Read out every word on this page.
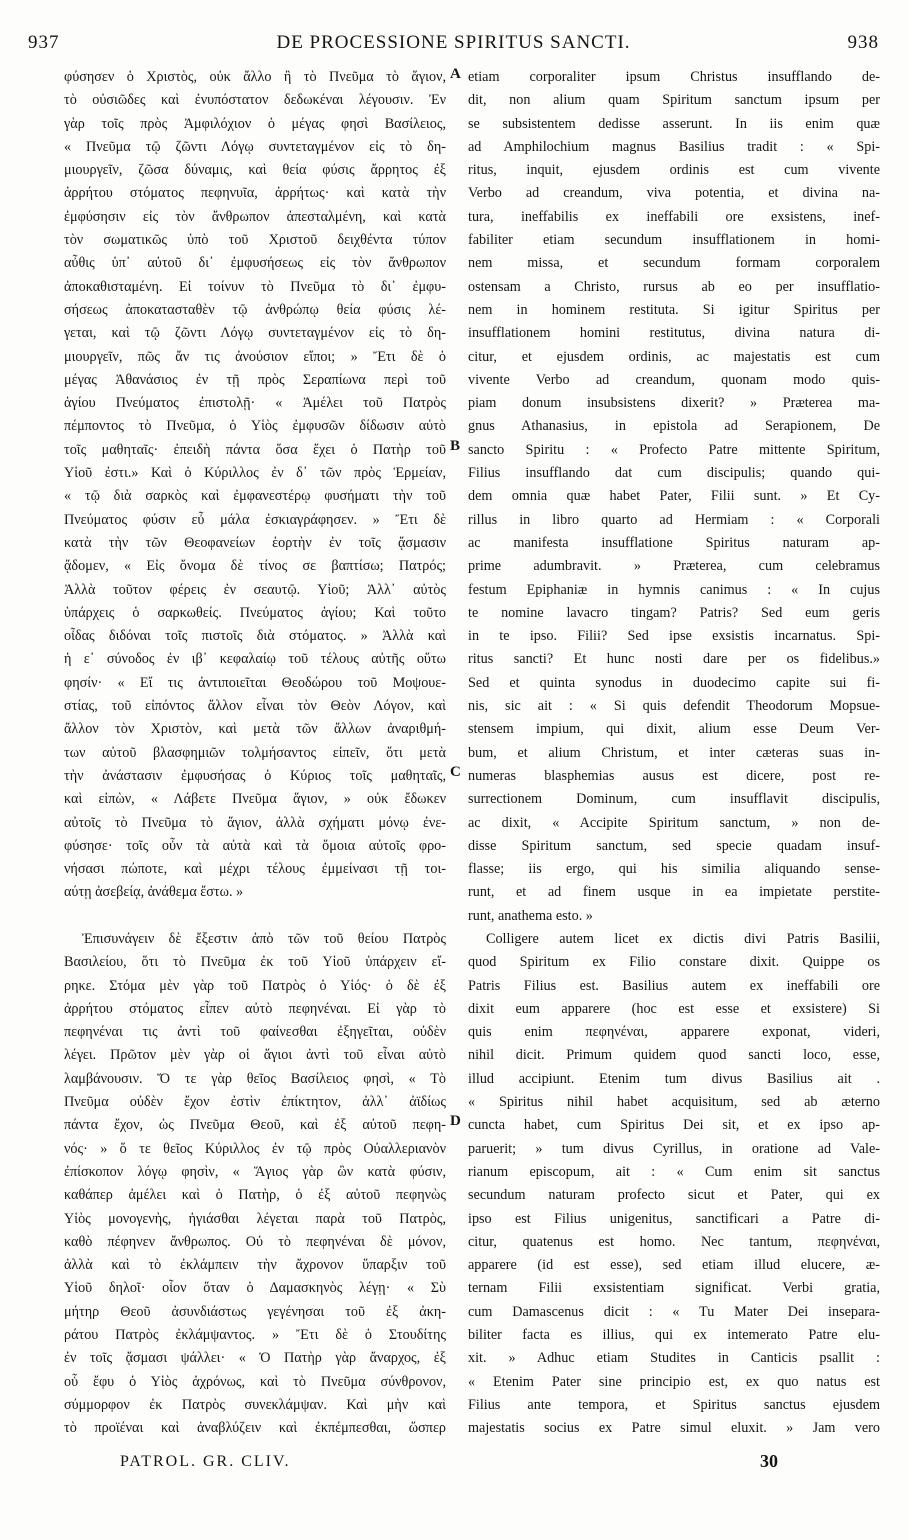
937	DE PROCESSIONE SPIRITUS SANCTI.	938
φύσησεν ὁ Χριστὸς, οὐκ ἄλλο ἢ τὸ Πνεῦμα τὸ ἅγιον,
τὸ οὐσιῶδες καὶ ἐνυπόστατον δεδωκέναι λέγουσιν. Ἐν
γὰρ τοῖς πρὸς Ἀμφιλόχιον ὁ μέγας φησὶ Βασίλειος,
« Πνεῦμα τῷ ζῶντι Λόγῳ συντεταγμένον εἰς τὸ δη-
μιουργεῖν, ζῶσα δύναμις, καὶ θεία φύσις ἄρρητος ἐξ
ἀρρήτου στόματος πεφηνυῖα, ἀρρήτως· καὶ κατὰ τὴν
ἐμφύσησιν εἰς τὸν ἄνθρωπον ἀπεσταλμένη, καὶ κατὰ
τὸν σωματικῶς ὑπὸ τοῦ Χριστοῦ δειχθέντα τύπον
αὖθις ὑπ᾽ αὐτοῦ δι᾽ ἐμφυσήσεως εἰς τὸν ἄνθρωπον
ἀποκαθισταμένη. Εἰ τοίνυν τὸ Πνεῦμα τὸ δι᾽ ἐμφυ-
σήσεως ἀποκατασταθὲν τῷ ἀνθρώπῳ θεία φύσις λέ-
γεται, καὶ τῷ ζῶντι Λόγῳ συντεταγμένον εἰς τὸ δη-
μιουργεῖν, πῶς ἄν τις ἀνούσιον εἴποι; » Ἔτι δὲ ὁ
μέγας Ἀθανάσιος ἐν τῇ πρὸς Σεραπίωνα περὶ τοῦ
ἁγίου Πνεύματος ἐπιστολῇ· « Ἀμέλει τοῦ Πατρὸς
πέμποντος τὸ Πνεῦμα, ὁ Υἱὸς ἐμφυσῶν δίδωσιν αὐτὸ
τοῖς μαθηταῖς· ἐπειδὴ πάντα ὅσα ἔχει ὁ Πατὴρ τοῦ
Υἱοῦ ἐστι.» Καὶ ὁ Κύριλλος ἐν δ᾽ τῶν πρὸς Ἑρμείαν,
« τῷ διὰ σαρκὸς καὶ ἐμφανεστέρῳ φυσήματι τὴν τοῦ
Πνεύματος φύσιν εὖ μάλα ἐσκιαγράφησεν. » Ἔτι δὲ
κατὰ τὴν τῶν Θεοφανείων ἑορτὴν ἐν τοῖς ᾄσμασιν
ᾄδομεν, « Εἰς ὄνομα δὲ τίνος σε βαπτίσω; Πατρός;
Ἀλλὰ τοῦτον φέρεις ἐν σεαυτῷ. Υἱοῦ; Ἀλλ᾽ αὐτὸς
ὑπάρχεις ὁ σαρκωθείς. Πνεύματος ἁγίου; Καὶ τοῦτο
οἶδας διδόναι τοῖς πιστοῖς διὰ στόματος. » Ἀλλὰ καὶ
ἡ ε᾽ σύνοδος ἐν ιβ᾽ κεφαλαίῳ τοῦ τέλους αὐτῆς οὕτω
φησίν· « Εἴ τις ἀντιποιεῖται Θεοδώρου τοῦ Μοψουε-
στίας, τοῦ εἰπόντος ἄλλον εἶναι τὸν Θεὸν Λόγον, καὶ
ἄλλον τὸν Χριστὸν, καὶ μετὰ τῶν ἄλλων ἀναριθμή-
των αὐτοῦ βλασφημιῶν τολμήσαντος εἰπεῖν, ὅτι μετὰ
τὴν ἀνάστασιν ἐμφυσήσας ὁ Κύριος τοῖς μαθηταῖς,
καὶ εἰπὼν, « Λάβετε Πνεῦμα ἅγιον, » οὐκ ἔδωκεν
αὐτοῖς τὸ Πνεῦμα τὸ ἅγιον, ἀλλὰ σχήματι μόνῳ ἐνε-
φύσησε· τοῖς οὖν τὰ αὐτὰ καὶ τὰ ὅμοια αὐτοῖς φρο-
νήσασι πώποτε, καὶ μέχρι τέλους ἐμμείνασι τῇ τοι-
αύτῃ ἀσεβείᾳ, ἀνάθεμα ἔστω. »
Ἐπισυνάγειν δὲ ἔξεστιν ἀπὸ τῶν τοῦ θείου Πατρὸς
Βασιλείου, ὅτι τὸ Πνεῦμα ἐκ τοῦ Υἱοῦ ὑπάρχειν εἴ-
ρηκε. Στόμα μὲν γὰρ τοῦ Πατρὸς ὁ Υἱός· ὁ δὲ ἐξ
ἀρρήτου στόματος εἶπεν αὐτὸ πεφηνέναι. Εἰ γὰρ τὸ
πεφηνέναι τις ἀντὶ τοῦ φαίνεσθαι ἐξηγεῖται, οὐδὲν
λέγει. Πρῶτον μὲν γὰρ οἱ ἅγιοι ἀντὶ τοῦ εἶναι αὐτὸ
λαμβάνουσιν. Ὅ τε γὰρ θεῖος Βασίλειος φησὶ, « Τὸ
Πνεῦμα οὐδὲν ἔχον ἐστὶν ἐπίκτητον, ἀλλ᾽ ἀϊδίως
πάντα ἔχον, ὡς Πνεῦμα Θεοῦ, καὶ ἐξ αὐτοῦ πεφη-
νός· » ὅ τε θεῖος Κύριλλος ἐν τῷ πρὸς Οὐαλλεριανὸν
ἐπίσκοπον λόγῳ φησὶν, « Ἅγιος γὰρ ὢν κατὰ φύσιν,
καθάπερ ἀμέλει καὶ ὁ Πατὴρ, ὁ ἐξ αὐτοῦ πεφηνὼς
Υἱὸς μονογενὴς, ἡγιάσθαι λέγεται παρὰ τοῦ Πατρὸς,
καθὸ πέφηνεν ἄνθρωπος. Οὐ τὸ πεφηνέναι δὲ μόνον,
ἀλλὰ καὶ τὸ ἐκλάμπειν τὴν ἄχρονον ὕπαρξιν τοῦ
Υἱοῦ δηλοῖ· οἷον ὅταν ὁ Δαμασκηνὸς λέγῃ· « Σὺ
μήτηρ Θεοῦ ἀσυνδιάστως γεγένησαι τοῦ ἐξ ἀκη-
ράτου Πατρὸς ἐκλάμψαντος. » Ἔτι δὲ ὁ Στουδίτης
ἐν τοῖς ᾄσμασι ψάλλει· « Ὁ Πατὴρ γὰρ ἄναρχος, ἐξ
οὗ ἔφυ ὁ Υἱὸς ἀχρόνως, καὶ τὸ Πνεῦμα σύνθρονον,
σύμμορφον ἐκ Πατρὸς συνεκλάμψαν. Καὶ μὴν καὶ
τὸ προϊέναι καὶ ἀναβλύζειν καὶ ἐκπέμπεσθαι, ὥσπερ
etiam corporaliter ipsum Christus insufflando de-
dit, non alium quam Spiritum sanctum ipsum per
se subsistentem dedisse asserunt. In iis enim quæ
ad Amphilochium magnus Basilius tradit : « Spi-
ritus, inquit, ejusdem ordinis est cum vivente
Verbo ad creandum, viva potentia, et divina na-
tura, ineffabilis ex ineffabili ore exsistens, inef-
fabiliter etiam secundum insufflationem in homi-
nem missa, et secundum formam corporalem
ostensam a Christo, rursus ab eo per insufflatio-
nem in hominem restituta. Si igitur Spiritus per
insufflationem homini restitutus, divina natura di-
citur, et ejusdem ordinis, ac majestatis est cum
vivente Verbo ad creandum, quonam modo quis-
piam donum insubsistens dixerit? » Præterea ma-
gnus Athanasius, in epistola ad Serapionem, De
sancto Spiritu : « Profecto Patre mittente Spiritum,
Filius insufflando dat cum discipulis; quando qui-
dem omnia quæ habet Pater, Filii sunt. » Et Cy-
rillus in libro quarto ad Hermiam : « Corporali
ac manifesta insufflatione Spiritus naturam ap-
prime adumbravit. » Præterea, cum celebramus
festum Epiphaniæ in hymnis canimus : « In cujus
te nomine lavacro tingam? Patris? Sed eum geris
in te ipso. Filii? Sed ipse exsistis incarnatus. Spi-
ritus sancti? Et hunc nosti dare per os fidelibus.»
Sed et quinta synodus in duodecimo capite sui fi-
nis, sic ait : « Si quis defendit Theodorum Mopsue-
stensem impium, qui dixit, alium esse Deum Ver-
bum, et alium Christum, et inter cæteras suas in-
numeras blasphemias ausus est dicere, post re-
surrectionem Dominum, cum insufflavit discipulis,
ac dixit, « Accipite Spiritum sanctum, » non de-
disse Spiritum sanctum, sed specie quadam insuf-
flasse; iis ergo, qui his similia aliquando sense-
runt, et ad finem usque in ea impietate perstite-
runt, anathema esto. »
Colligere autem licet ex dictis divi Patris Basilii,
quod Spiritum ex Filio constare dixit. Quippe os
Patris Filius est. Basilius autem ex ineffabili ore
dixit eum apparere (hoc est esse et exsistere) Si
quis enim πεφηνέναι, apparere exponat, videri,
nihil dicit. Primum quidem quod sancti loco, esse,
illud accipiunt. Etenim tum divus Basilius ait .
« Spiritus nihil habet acquisitum, sed ab æterno
cuncta habet, cum Spiritus Dei sit, et ex ipso ap-
paruerit; » tum divus Cyrillus, in oratione ad Vale-
rianum episcopum, ait : « Cum enim sit sanctus
secundum naturam profecto sicut et Pater, qui ex
ipso est Filius unigenitus, sanctificari a Patre di-
citur, quatenus est homo. Nec tantum, πεφηνέναι,
apparere (id est esse), sed etiam illud elucere, æ-
ternam Filii exsistentiam significat. Verbi gratia,
cum Damascenus dicit : « Tu Mater Dei insepara-
biliter facta es illius, qui ex intemerato Patre elu-
xit. » Adhuc etiam Studites in Canticis psallit :
« Etenim Pater sine principio est, ex quo natus est
Filius ante tempora, et Spiritus sanctus ejusdem
majestatis socius ex Patre simul eluxit. » Jam vero
A
B
C
D
PATROL. GR. CLIV.	30
